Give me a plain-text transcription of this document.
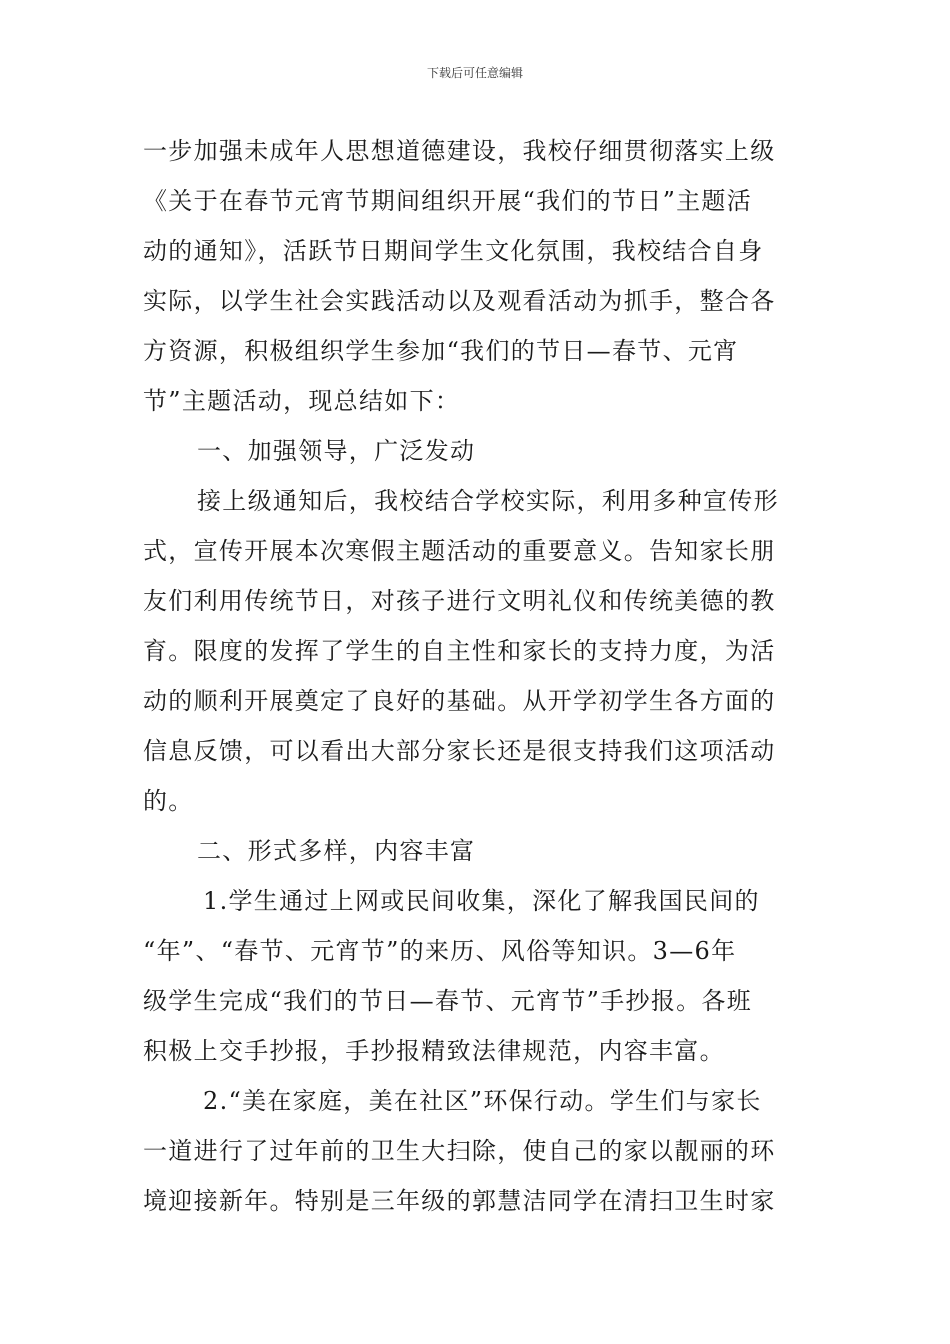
下载后可任意编辑
一步加强未成年人思想道德建设，我校仔细贯彻落实上级
《关于在春节元宵节期间组织开展“我们的节日”主题活
动的通知》，活跃节日期间学生文化氛围，我校结合自身
实际，以学生社会实践活动以及观看活动为抓手，整合各
方资源，积极组织学生参加“我们的节日—春节、元宵
节”主题活动，现总结如下：
一、加强领导，广泛发动
接上级通知后，我校结合学校实际，利用多种宣传形
式，宣传开展本次寒假主题活动的重要意义。告知家长朋
友们利用传统节日，对孩子进行文明礼仪和传统美德的教
育。限度的发挥了学生的自主性和家长的支持力度，为活
动的顺利开展奠定了良好的基础。从开学初学生各方面的
信息反馈，可以看出大部分家长还是很支持我们这项活动
的。
二、形式多样，内容丰富
1.学生通过上网或民间收集，深化了解我国民间的
“年”、“春节、元宵节”的来历、风俗等知识。3—6年
级学生完成“我们的节日—春节、元宵节”手抄报。各班
积极上交手抄报，手抄报精致法律规范，内容丰富。
2.“美在家庭，美在社区”环保行动。学生们与家长
一道进行了过年前的卫生大扫除，使自己的家以靓丽的环
境迎接新年。特别是三年级的郭慧洁同学在清扫卫生时家
